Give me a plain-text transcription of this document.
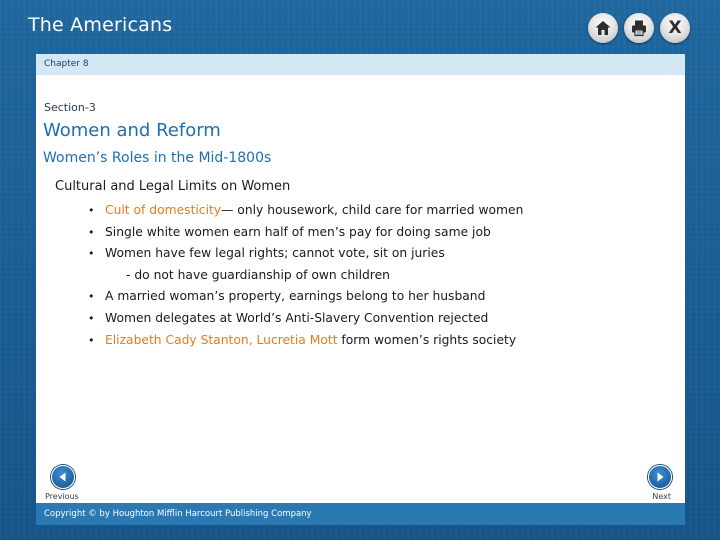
The Americans	X
Chapter 8
Section-3
Women and Reform
Women’s Roles in the Mid-1800s
Cultural and Legal Limits on Women
• Cult of domesticity— only housework, child care for married women
• Single white women earn half of men’s pay for doing same job
• Women have few legal rights; cannot vote, sit on juries
- do not have guardianship of own children
• A married woman’s property, earnings belong to her husband
• Women delegates at World’s Anti-Slavery Convention rejected
• Elizabeth Cady Stanton, Lucretia Mott form women’s rights society
Previous	Next
Copyright © by Houghton Mifflin Harcourt Publishing Company
